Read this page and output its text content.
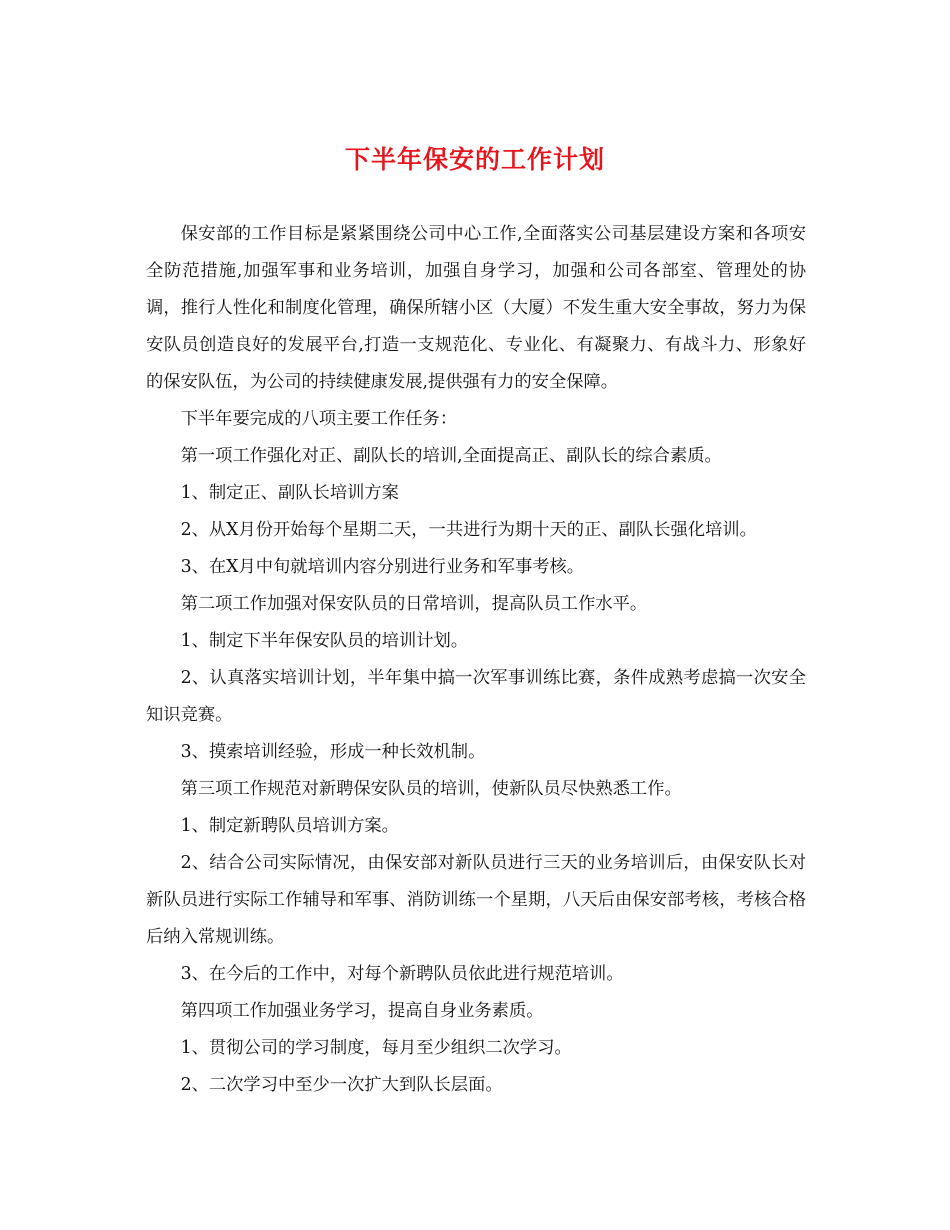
下半年保安的工作计划

保安部的工作目标是紧紧围绕公司中心工作,全面落实公司基层建设方案和各项安全防范措施,加强军事和业务培训，加强自身学习，加强和公司各部室、管理处的协调，推行人性化和制度化管理，确保所辖小区（大厦）不发生重大安全事故，努力为保安队员创造良好的发展平台,打造一支规范化、专业化、有凝聚力、有战斗力、形象好的保安队伍，为公司的持续健康发展,提供强有力的安全保障。

下半年要完成的八项主要工作任务：

第一项工作强化对正、副队长的培训,全面提高正、副队长的综合素质。

1、制定正、副队长培训方案

2、从X月份开始每个星期二天，一共进行为期十天的正、副队长强化培训。

3、在X月中旬就培训内容分别进行业务和军事考核。

第二项工作加强对保安队员的日常培训，提高队员工作水平。

1、制定下半年保安队员的培训计划。

2、认真落实培训计划，半年集中搞一次军事训练比赛，条件成熟考虑搞一次安全知识竞赛。

3、摸索培训经验，形成一种长效机制。

第三项工作规范对新聘保安队员的培训，使新队员尽快熟悉工作。

1、制定新聘队员培训方案。

2、结合公司实际情况，由保安部对新队员进行三天的业务培训后，由保安队长对新队员进行实际工作辅导和军事、消防训练一个星期，八天后由保安部考核，考核合格后纳入常规训练。

3、在今后的工作中，对每个新聘队员依此进行规范培训。

第四项工作加强业务学习，提高自身业务素质。

1、贯彻公司的学习制度，每月至少组织二次学习。

2、二次学习中至少一次扩大到队长层面。
